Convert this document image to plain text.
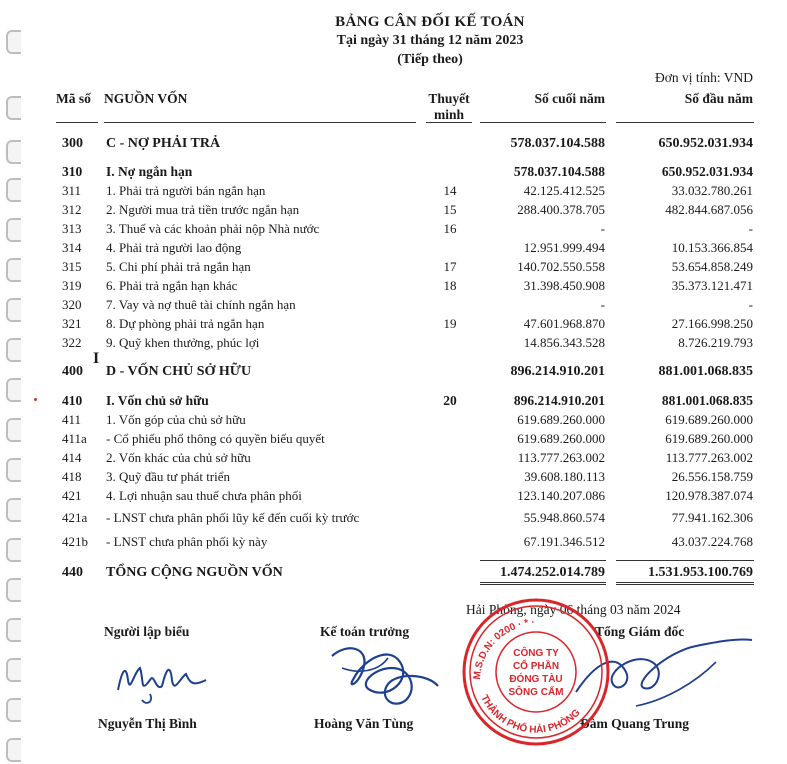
BẢNG CÂN ĐỐI KẾ TOÁN
Tại ngày 31 tháng 12 năm 2023
(Tiếp theo)
Đơn vị tính: VND
Mã số NGUỒN VỐN	Thuyết
minh
Số cuối năm	Số đầu năm
300 C - NỢ PHẢI TRẢ	578.037.104.588	650.952.031.934
310 I. Nợ ngắn hạn	578.037.104.588	650.952.031.934
311 1. Phải trả người bán ngắn hạn	14	42.125.412.525	33.032.780.261
312 2. Người mua trả tiền trước ngắn hạn	15	288.400.378.705	482.844.687.056
313 3. Thuế và các khoản phải nộp Nhà nước	16	-	-
314 4. Phải trả người lao động	12.951.999.494	10.153.366.854
315 5. Chi phí phải trả ngắn hạn	17	140.702.550.558	53.654.858.249
319 6. Phải trả ngắn hạn khác	18	31.398.450.908	35.373.121.471
320 7. Vay và nợ thuê tài chính ngắn hạn	-	-
321 8. Dự phòng phải trả ngắn hạn	19	47.601.968.870	27.166.998.250
322 9. Quỹ khen thưởng, phúc lợi	14.856.343.528	8.726.219.793
400 D - VỐN CHỦ SỞ HỮU	896.214.910.201	881.001.068.835
410 I. Vốn chủ sở hữu	20	896.214.910.201	881.001.068.835
411 1. Vốn góp của chủ sở hữu	619.689.260.000	619.689.260.000
411a - Cổ phiếu phổ thông có quyền biểu quyết	619.689.260.000	619.689.260.000
414 2. Vốn khác của chủ sở hữu	113.777.263.002	113.777.263.002
418 3. Quỹ đầu tư phát triển	39.608.180.113	26.556.158.759
421 4. Lợi nhuận sau thuế chưa phân phối	123.140.207.086	120.978.387.074
421a - LNST chưa phân phối lũy kế đến cuối kỳ trước	55.948.860.574	77.941.162.306
421b - LNST chưa phân phối kỳ này	67.191.346.512	43.037.224.768
440 TỔNG CỘNG NGUỒN VỐN	1.474.252.014.789	1.531.953.100.769
I
Hải Phòng, ngày 06 tháng 03 năm 2024
Người lập biểu	Kế toán trưởng	Tổng Giám đốc
Nguyễn Thị Bình	Hoàng Văn Tùng	Đàm Quang Trung
M.S.D.N: 0200 · * ·
CÔNG TY
CỔ PHẦN
ĐÓNG TÀU
SÔNG CẤM
THÀNH PHỐ HẢI PHÒNG
